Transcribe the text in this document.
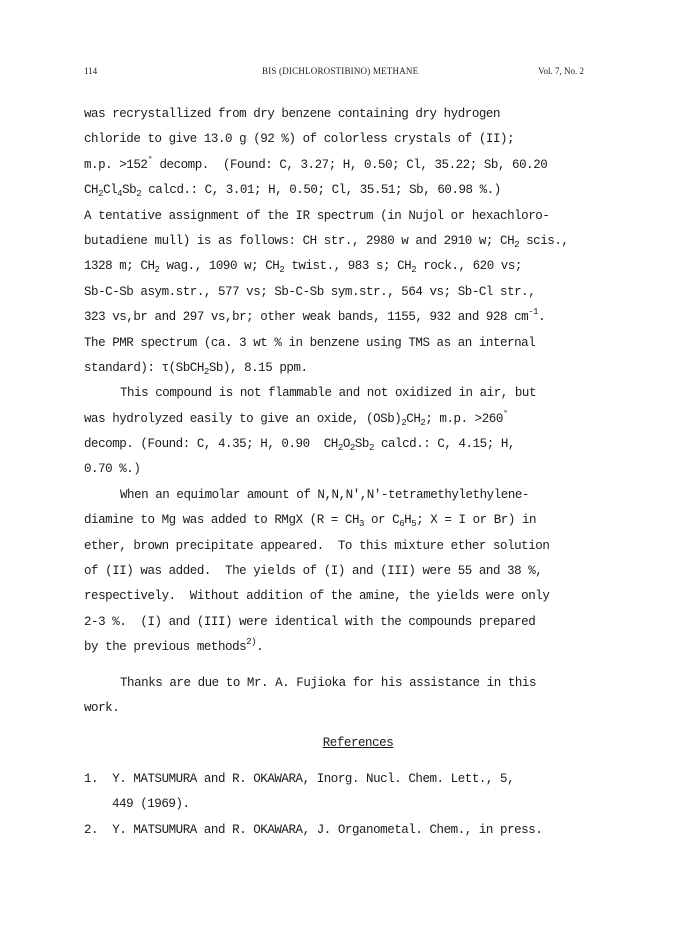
114	BIS (DICHLOROSTIBINO) METHANE	Vol. 7, No. 2
was recrystallized from dry benzene containing dry hydrogen
chloride to give 13.0 g (92 %) of colorless crystals of (II);
m.p. >152° decomp.  (Found: C, 3.27; H, 0.50; Cl, 35.22; Sb, 60.20
$CH_2Cl_4Sb_2$ calcd.: C, 3.01; H, 0.50; Cl, 35.51; Sb, 60.98 %.)
A tentative assignment of the IR spectrum (in Nujol or hexachloro-
butadiene mull) is as follows: CH str., 2980 w and 2910 w; $CH_2$ scis.,
1328 m; $CH_2$ wag., 1090 w; $CH_2$ twist., 983 s; $CH_2$ rock., 620 vs;
Sb-C-Sb asym.str., 577 vs; Sb-C-Sb sym.str., 564 vs; Sb-Cl str.,
323 vs,br and 297 vs,br; other weak bands, 1155, 932 and 928 $cm^{-1}$.
The PMR spectrum (ca. 3 wt % in benzene using TMS as an internal
standard): τ(SbCH$_2$Sb), 8.15 ppm.
This compound is not flammable and not oxidized in air, but
was hydrolyzed easily to give an oxide, $(OSb)_2CH_2$; m.p. >260°
decomp. (Found: C, 4.35; H, 0.90  $CH_2O_2Sb_2$ calcd.: C, 4.15; H,
0.70 %.)
When an equimolar amount of N,N,N',N'-tetramethylethylene-
diamine to Mg was added to RMgX ($R = CH_3$ or $C_6H_5$; X = I or Br) in
ether, brown precipitate appeared.  To this mixture ether solution
of (II) was added.  The yields of (I) and (III) were 55 and 38 %,
respectively.  Without addition of the amine, the yields were only
2-3 %.  (I) and (III) were identical with the compounds prepared
by the previous methods$^{2)}$.
Thanks are due to Mr. A. Fujioka for his assistance in this
work.
References
1.  Y. MATSUMURA and R. OKAWARA, Inorg. Nucl. Chem. Lett., 5,
449 (1969).
2.  Y. MATSUMURA and R. OKAWARA, J. Organometal. Chem., in press.
